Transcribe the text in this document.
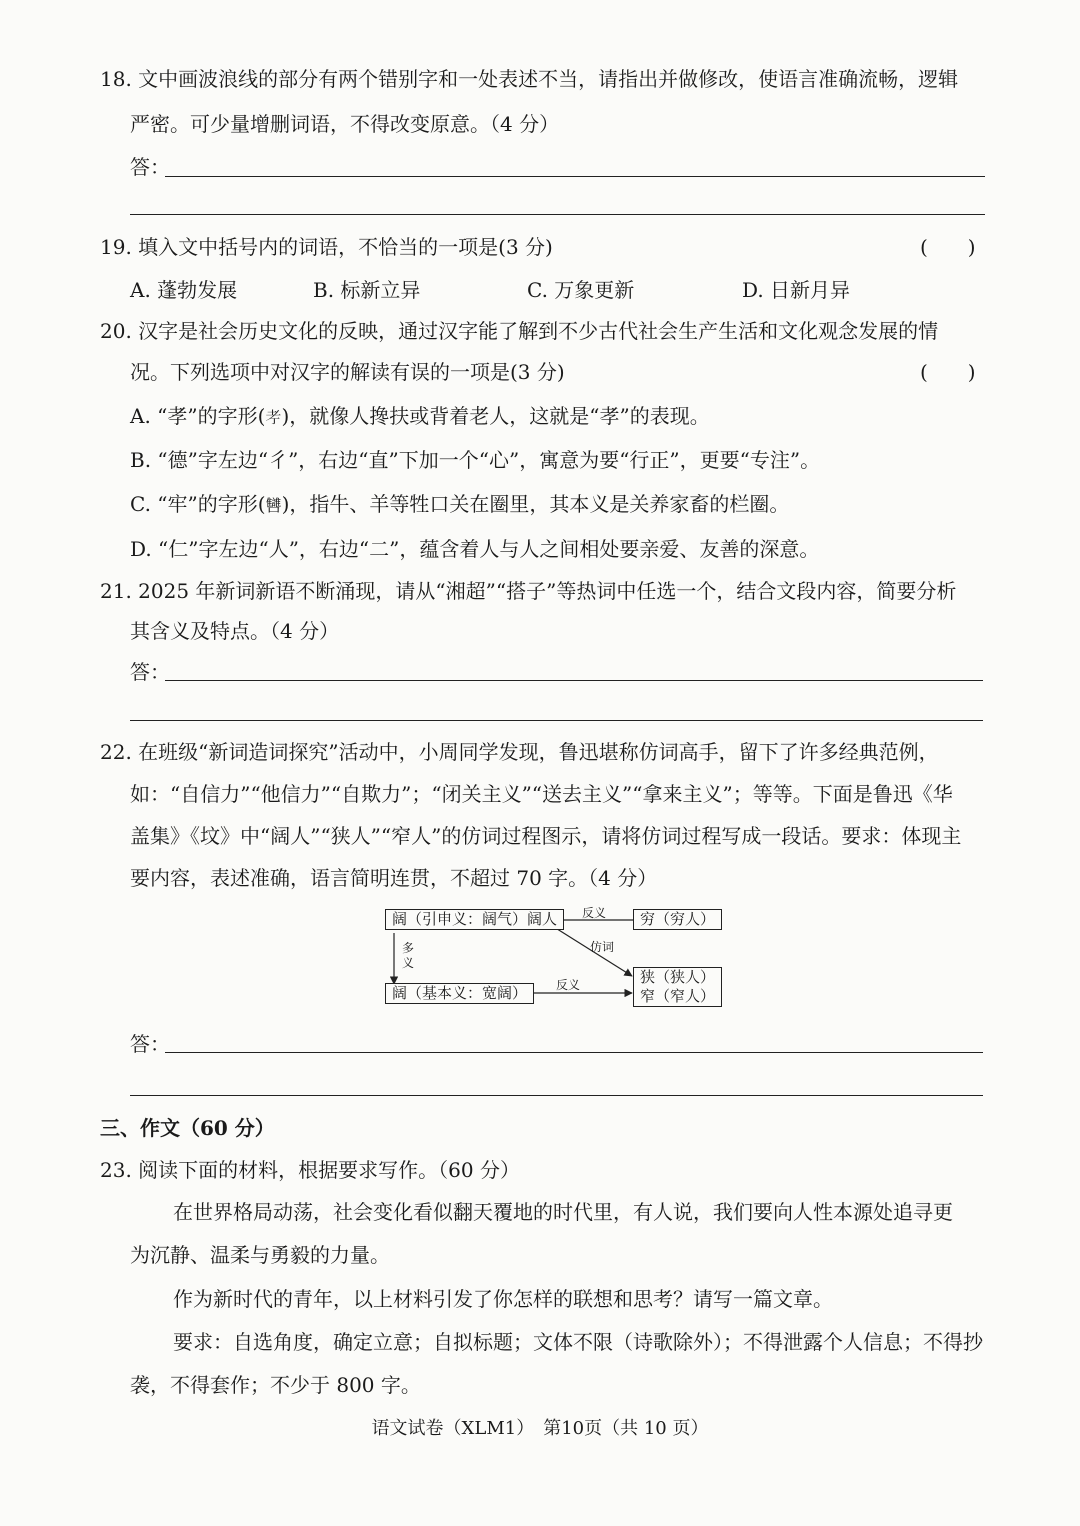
18. 文中画波浪线的部分有两个错别字和一处表述不当，请指出并做修改，使语言准确流畅，逻辑
严密。可少量增删词语，不得改变原意。（4 分）
答：
19. 填入文中括号内的词语，不恰当的一项是(3 分)	(　　)
A. 蓬勃发展	B. 标新立异	C. 万象更新	D. 日新月异
20. 汉字是社会历史文化的反映，通过汉字能了解到不少古代社会生产生活和文化观念发展的情
况。下列选项中对汉字的解读有误的一项是(3 分)	(　　)
A. “孝”的字形(𦒱)，就像人搀扶或背着老人，这就是“孝”的表现。
B. “德”字左边“彳”，右边“直”下加一个“心”，寓意为要“行正”，更要“专注”。
C. “牢”的字形(㘜)，指牛、羊等牲口关在圈里，其本义是关养家畜的栏圈。
D. “仁”字左边“人”，右边“二”，蕴含着人与人之间相处要亲爱、友善的深意。
21. 2025 年新词新语不断涌现，请从“湘超”“搭子”等热词中任选一个，结合文段内容，简要分析
其含义及特点。（4 分）
答：
22. 在班级“新词造词探究”活动中，小周同学发现，鲁迅堪称仿词高手，留下了许多经典范例，
如：“自信力”“他信力”“自欺力”；“闭关主义”“送去主义”“拿来主义”；等等。下面是鲁迅《华
盖集》《坟》中“阔人”“狭人”“窄人”的仿词过程图示，请将仿词过程写成一段话。要求：体现主
要内容，表述准确，语言简明连贯，不超过 70 字。（4 分）
阔（引申义：阔气）阔人	穷（穷人）
阔（基本义：宽阔）
狭（狭人）
窄（窄人）
反义
多
义
仿词
反义
答：
三、作文（60 分）
23. 阅读下面的材料，根据要求写作。（60 分）
在世界格局动荡，社会变化看似翻天覆地的时代里，有人说，我们要向人性本源处追寻更
为沉静、温柔与勇毅的力量。
作为新时代的青年，以上材料引发了你怎样的联想和思考？请写一篇文章。
要求：自选角度，确定立意；自拟标题；文体不限（诗歌除外）；不得泄露个人信息；不得抄
袭，不得套作；不少于 800 字。
语文试卷（XLM1）　第10页（共 10 页）
